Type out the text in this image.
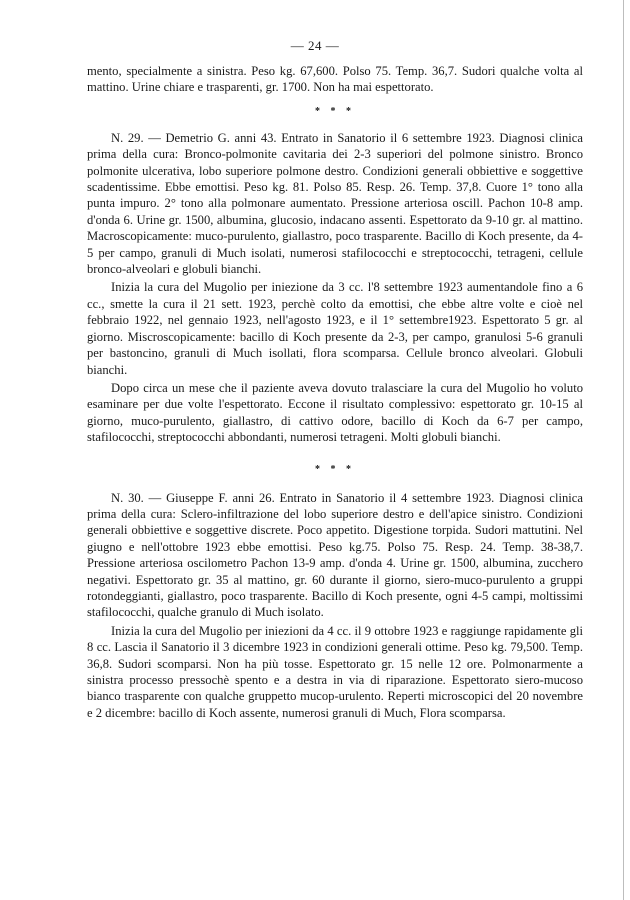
— 24 —

mento, specialmente a sinistra. Peso kg. 67,600. Polso 75. Temp. 36,7. Sudori qualche volta al mattino. Urine chiare e trasparenti, gr. 1700. Non ha mai espettorato.

* * *

N. 29. — Demetrio G. anni 43. Entrato in Sanatorio il 6 settembre 1923. Diagnosi clinica prima della cura: Bronco-polmonite cavitaria dei 2-3 superiori del polmone sinistro. Bronco polmonite ulcerativa, lobo superiore polmone destro. Condizioni generali obbiettive e soggettive scadentissime. Ebbe emottisi. Peso kg. 81. Polso 85. Resp. 26. Temp. 37,8. Cuore 1° tono alla punta impuro. 2° tono alla polmonare aumentato. Pressione arteriosa oscill. Pachon 10-8 amp. d'onda 6. Urine gr. 1500, albumina, glucosio, indacano assenti. Espettorato da 9-10 gr. al mattino. Macroscopicamente: muco-purulento, giallastro, poco trasparente. Bacillo di Koch presente, da 4-5 per campo, granuli di Much isolati, numerosi stafilococchi e streptococchi, tetrageni, cellule bronco-alveolari e globuli bianchi.

Inizia la cura del Mugolio per iniezione da 3 cc. l'8 settembre 1923 aumentandole fino a 6 cc., smette la cura il 21 sett. 1923, perchè colto da emottisi, che ebbe altre volte e cioè nel febbraio 1922, nel gennaio 1923, nell'agosto 1923, e il 1° settembre1923. Espettorato 5 gr. al giorno. Miscroscopicamente: bacillo di Koch presente da 2-3, per campo, granulosi 5-6 granuli per bastoncino, granuli di Much isollati, flora scomparsa. Cellule bronco alveolari. Globuli bianchi.

Dopo circa un mese che il paziente aveva dovuto tralasciare la cura del Mugolio ho voluto esaminare per due volte l'espettorato. Eccone il risultato complessivo: espettorato gr. 10-15 al giorno, muco-purulento, giallastro, di cattivo odore, bacillo di Koch da 6-7 per campo, stafilococchi, streptococchi abbondanti, numerosi tetrageni. Molti globuli bianchi.

* * *

N. 30. — Giuseppe F. anni 26. Entrato in Sanatorio il 4 settembre 1923. Diagnosi clinica prima della cura: Sclero-infiltrazione del lobo superiore destro e dell'apice sinistro. Condizioni generali obbiettive e soggettive discrete. Poco appetito. Digestione torpida. Sudori mattutini. Nel giugno e nell'ottobre 1923 ebbe emottisi. Peso kg.75. Polso 75. Resp. 24. Temp. 38-38,7. Pressione arteriosa oscilometro Pachon 13-9 amp. d'onda 4. Urine gr. 1500, albumina, zucchero negativi. Espettorato gr. 35 al mattino, gr. 60 durante il giorno, siero-muco-purulento a gruppi rotondeggianti, giallastro, poco trasparente. Bacillo di Koch presente, ogni 4-5 campi, moltissimi stafilococchi, qualche granulo di Much isolato.

Inizia la cura del Mugolio per iniezioni da 4 cc. il 9 ottobre 1923 e raggiunge rapidamente gli 8 cc. Lascia il Sanatorio il 3 dicembre 1923 in condizioni generali ottime. Peso kg. 79,500. Temp. 36,8. Sudori scomparsi. Non ha più tosse. Espettorato gr. 15 nelle 12 ore. Polmonarmente a sinistra processo pressochè spento e a destra in via di riparazione. Espettorato siero-mucoso bianco trasparente con qualche gruppetto mucop-urulento. Reperti microscopici del 20 novembre e 2 dicembre: bacillo di Koch assente, numerosi granuli di Much, Flora scomparsa.
